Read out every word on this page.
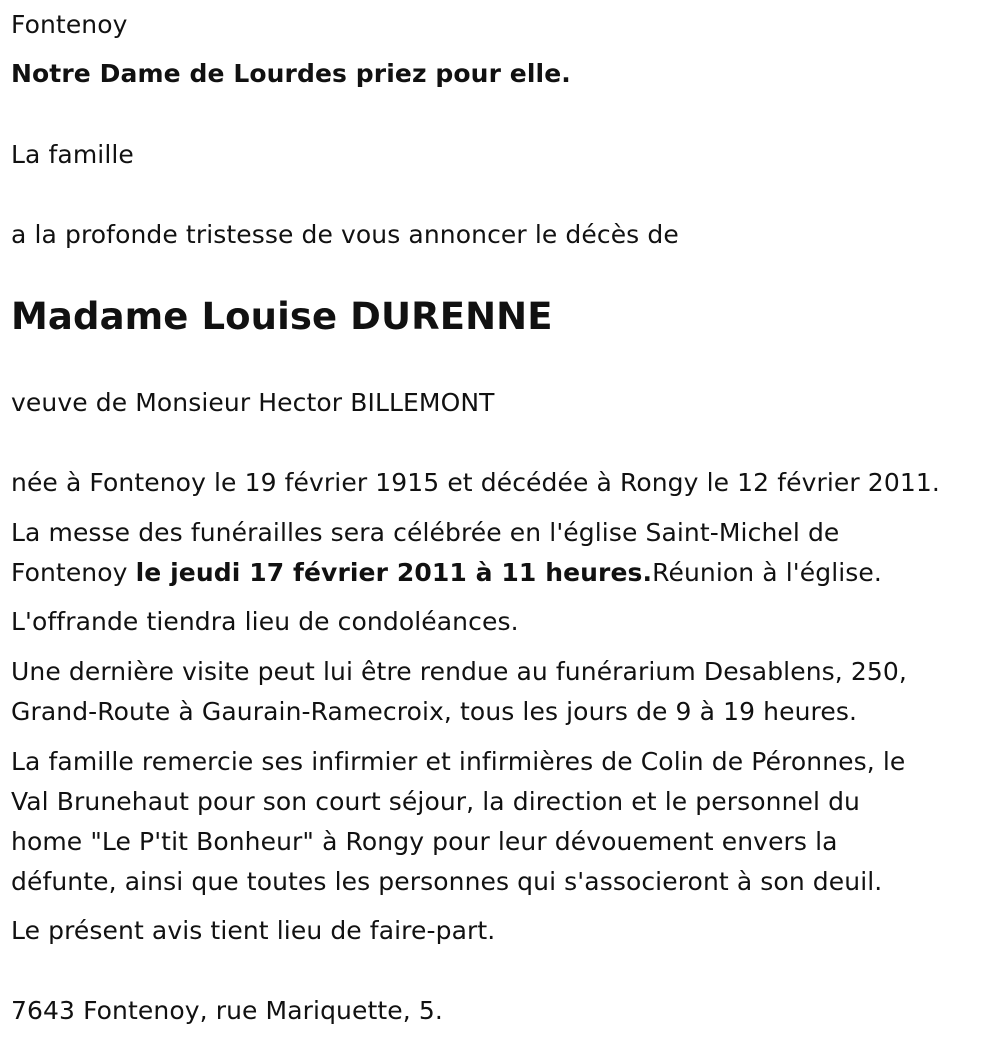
Fontenoy

Notre Dame de Lourdes priez pour elle.

La famille

a la profonde tristesse de vous annoncer le décès de

Madame Louise DURENNE

veuve de Monsieur Hector BILLEMONT

née à Fontenoy le 19 février 1915 et décédée à Rongy le 12 février 2011.

La messe des funérailles sera célébrée en l'église Saint-Michel de

Fontenoy le jeudi 17 février 2011 à 11 heures.Réunion à l'église.

L'offrande tiendra lieu de condoléances.

Une dernière visite peut lui être rendue au funérarium Desablens, 250,

Grand-Route à Gaurain-Ramecroix, tous les jours de 9 à 19 heures.

La famille remercie ses infirmier et infirmières de Colin de Péronnes, le

Val Brunehaut pour son court séjour, la direction et le personnel du

home "Le P'tit Bonheur" à Rongy pour leur dévouement envers la

défunte, ainsi que toutes les personnes qui s'associeront à son deuil.

Le présent avis tient lieu de faire-part.

7643 Fontenoy, rue Mariquette, 5.
